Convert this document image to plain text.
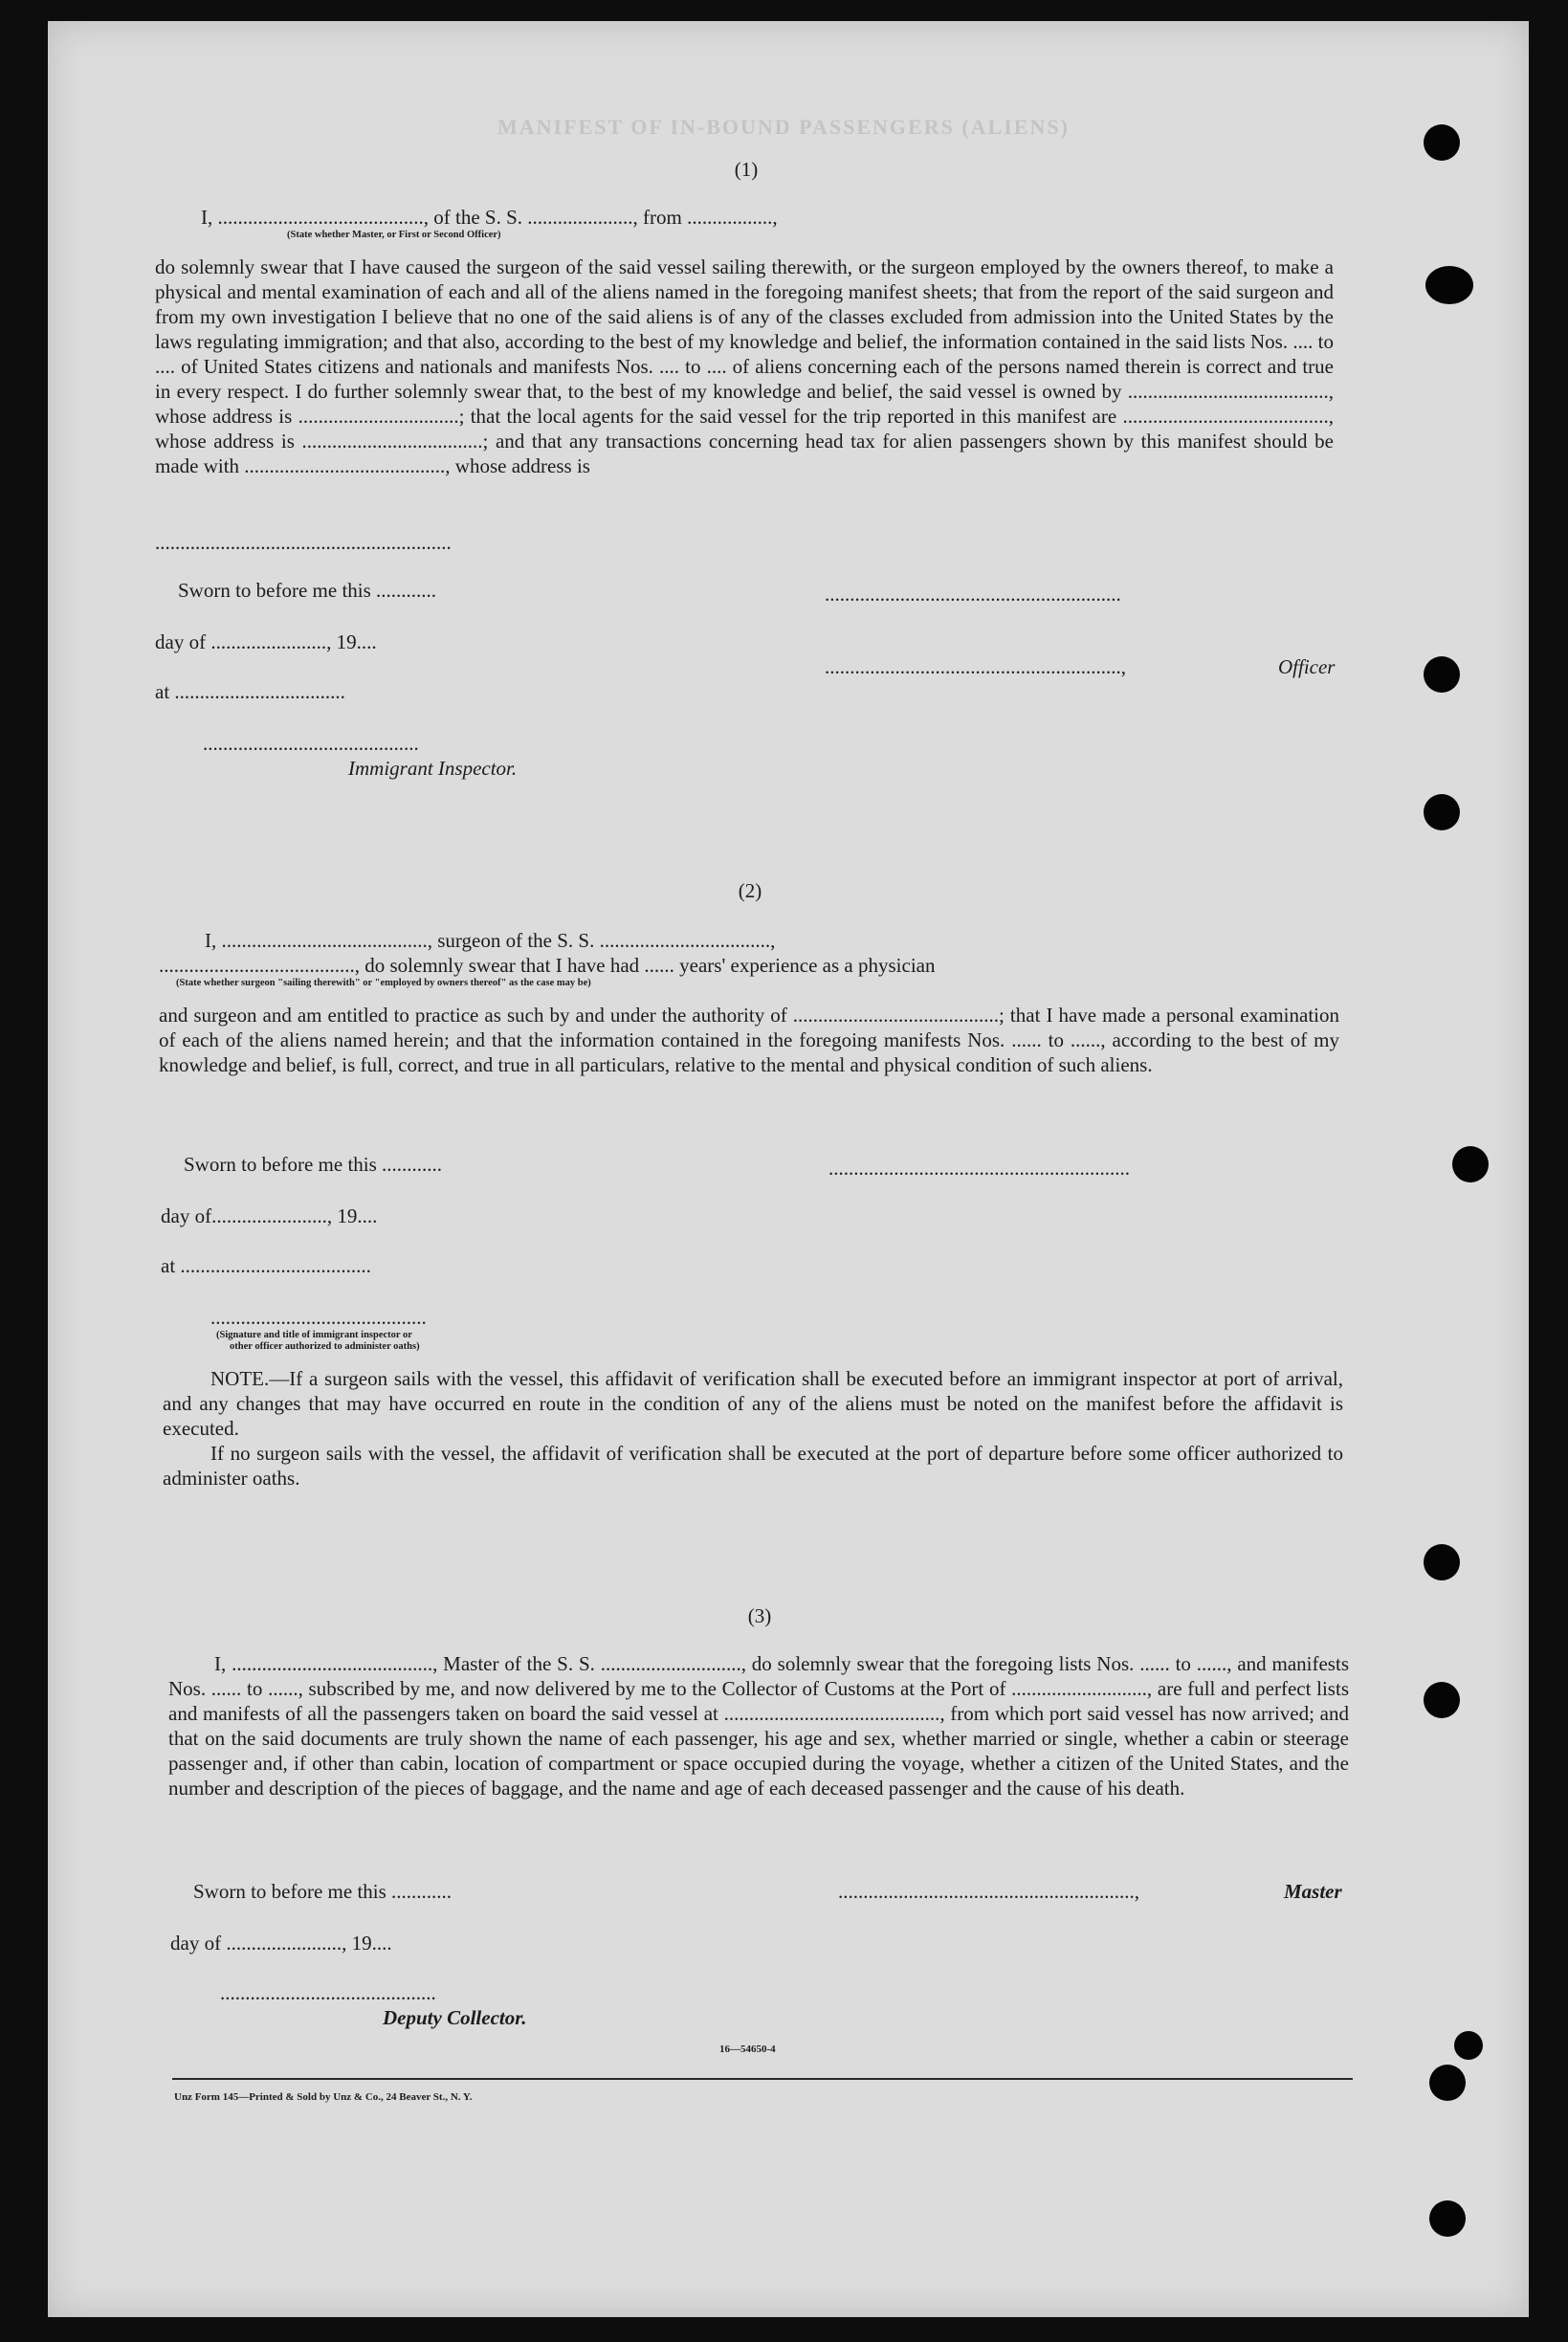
MANIFEST OF IN-BOUND PASSENGERS (ALIENS)
(1)
I, ........................................., of the S. S. ....................., from .................,
(State whether Master, or First or Second Officer)
do solemnly swear that I have caused the surgeon of the said vessel sailing therewith, or the surgeon employed by the owners thereof, to make a physical and mental examination of each and all of the aliens named in the foregoing manifest sheets; that from the report of the said surgeon and from my own investigation I believe that no one of the said aliens is of any of the classes excluded from admission into the United States by the laws regulating immigration; and that also, according to the best of my knowledge and belief, the information contained in the said lists Nos. .... to .... of United States citizens and nationals and manifests Nos. .... to .... of aliens concerning each of the persons named therein is correct and true in every respect. I do further solemnly swear that, to the best of my knowledge and belief, the said vessel is owned by ........................................, whose address is ................................; that the local agents for the said vessel for the trip reported in this manifest are ........................................., whose address is ....................................; and that any transactions concerning head tax for alien passengers shown by this manifest should be made with ........................................, whose address is
...........................................................
Sworn to before me this ............
day of ......................., 19....
at ..................................
...........................................
Immigrant Inspector.
...........................................................
...........................................................,	Officer
(2)
I, ........................................., surgeon of the S. S. ..................................,
......................................., do solemnly swear that I have had ...... years' experience as a physician
(State whether surgeon "sailing therewith" or "employed by owners thereof" as the case may be)
and surgeon and am entitled to practice as such by and under the authority of .........................................; that I have made a personal examination of each of the aliens named herein; and that the information contained in the foregoing manifests Nos. ...... to ......, according to the best of my knowledge and belief, is full, correct, and true in all particulars, relative to the mental and physical condition of such aliens.
Sworn to before me this ............
day of......................., 19....
at ......................................
...........................................
(Signature and title of immigrant inspector or
other officer authorized to administer oaths)
............................................................
NOTE.—If a surgeon sails with the vessel, this affidavit of verification shall be executed before an immigrant inspector at port of arrival, and any changes that may have occurred en route in the condition of any of the aliens must be noted on the manifest before the affidavit is executed.
If no surgeon sails with the vessel, the affidavit of verification shall be executed at the port of departure before some officer authorized to administer oaths.
(3)
I, ........................................, Master of the S. S. ............................, do solemnly swear that the foregoing lists Nos. ...... to ......, and manifests Nos. ...... to ......, subscribed by me, and now delivered by me to the Collector of Customs at the Port of ..........................., are full and perfect lists and manifests of all the passengers taken on board the said vessel at ..........................................., from which port said vessel has now arrived; and that on the said documents are truly shown the name of each passenger, his age and sex, whether married or single, whether a cabin or steerage passenger and, if other than cabin, location of compartment or space occupied during the voyage, whether a citizen of the United States, and the number and description of the pieces of baggage, and the name and age of each deceased passenger and the cause of his death.
Sworn to before me this ............
day of ......................., 19....
...........................................
Deputy Collector.
...........................................................,	Master
16—54650-4
Unz Form 145—Printed & Sold by Unz & Co., 24 Beaver St., N. Y.
